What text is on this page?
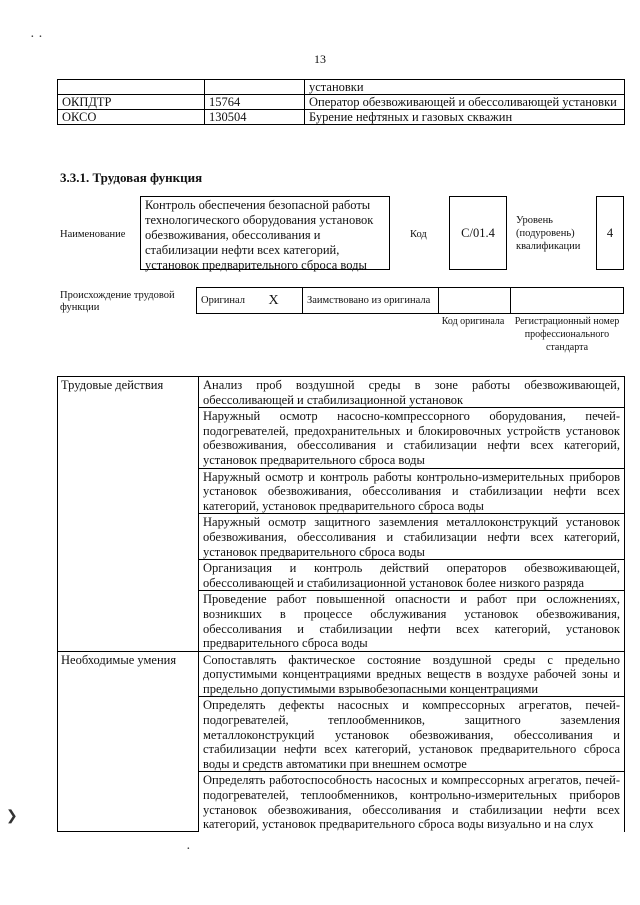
· ·
❯
·
13
		установки
ОКПДТР	15764	Оператор обезвоживающей и обессоливающей установки
ОКСО	130504	Бурение нефтяных и газовых скважин
3.3.1. Трудовая функция
Наименование
Контроль обеспечения безопасной работы технологического оборудования установок обезвоживания, обессоливания и стабилизации нефти всех категорий, установок предварительного сброса воды
Код	С/01.4
Уровень (подуровень) квалификации
4
Происхождение трудовой функции
Оригинал	X	Заимствовано из оригинала		
Код оригинала	Регистрационный номер профессионального стандарта
Трудовые действия	Анализ проб воздушной среды в зоне работы обезвоживающей, обессоливающей и стабилизационной установок
	Наружный осмотр насосно-компрессорного оборудования, печей-подогревателей, предохранительных и блокировочных устройств установок обезвоживания, обессоливания и стабилизации нефти всех категорий, установок предварительного сброса воды
	Наружный осмотр и контроль работы контрольно-измерительных приборов установок обезвоживания, обессоливания и стабилизации нефти всех категорий, установок предварительного сброса воды
	Наружный осмотр защитного заземления металлоконструкций установок обезвоживания, обессоливания и стабилизации нефти всех категорий, установок предварительного сброса воды
	Организация и контроль действий операторов обезвоживающей, обессоливающей и стабилизационной установок более низкого разряда
	Проведение работ повышенной опасности и работ при осложнениях, возникших в процессе обслуживания установок обезвоживания, обессоливания и стабилизации нефти всех категорий, установок предварительного сброса воды
Необходимые умения	Сопоставлять фактическое состояние воздушной среды с предельно допустимыми концентрациями вредных веществ в воздухе рабочей зоны и предельно допустимыми взрывобезопасными концентрациями
	Определять дефекты насосных и компрессорных агрегатов, печей-подогревателей, теплообменников, защитного заземления металлоконструкций установок обезвоживания, обессоливания и стабилизации нефти всех категорий, установок предварительного сброса воды и средств автоматики при внешнем осмотре
	Определять работоспособность насосных и компрессорных агрегатов, печей-подогревателей, теплообменников, контрольно-измерительных приборов установок обезвоживания, обессоливания и стабилизации нефти всех категорий, установок предварительного сброса воды визуально и на слух
